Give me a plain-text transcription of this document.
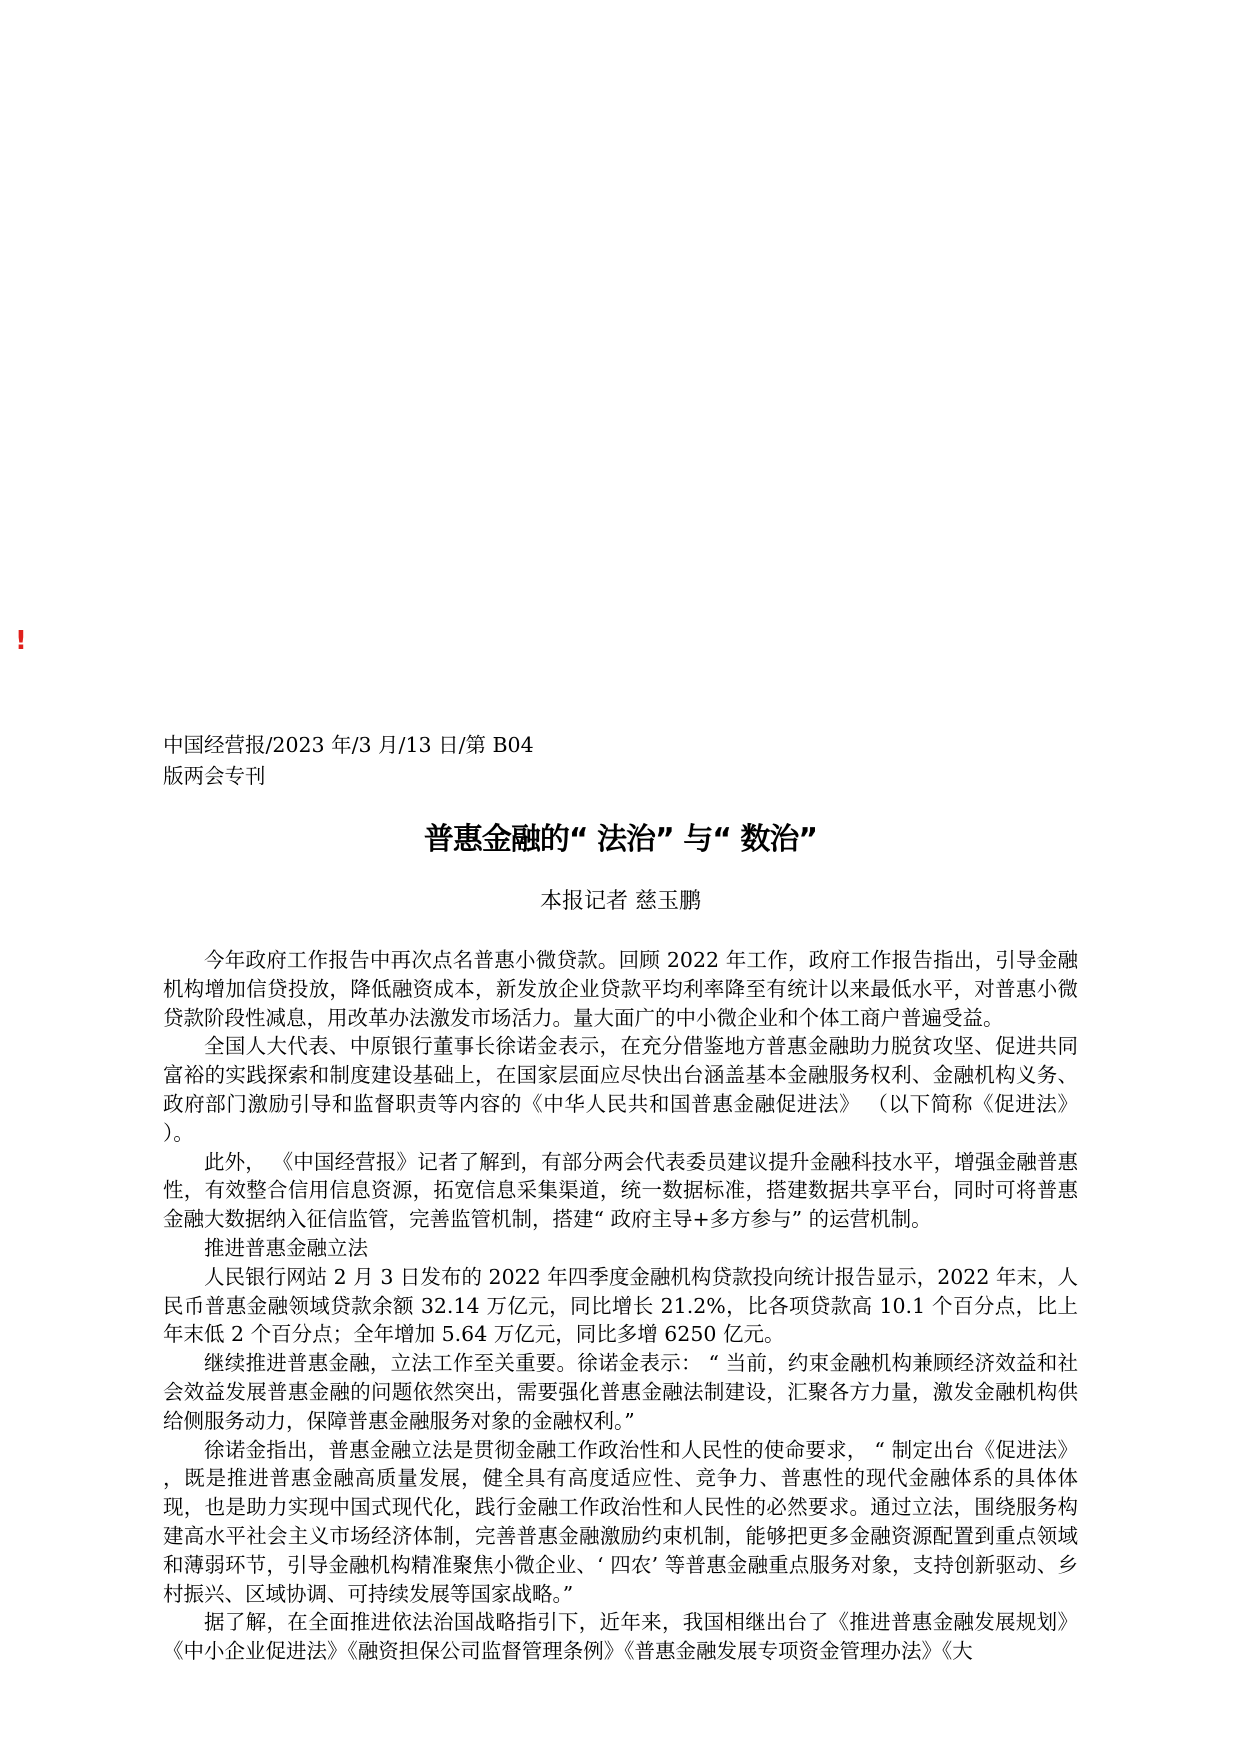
!
中国经营报/2023 年/3 月/13 日/第 B04
版两会专刊
普惠金融的“ 法治” 与“ 数治”
本报记者 慈玉鹏

今年政府工作报告中再次点名普惠小微贷款。回顾 2022 年工作，政府工作报告指出，引导金融机构增加信贷投放，降低融资成本，新发放企业贷款平均利率降至有统计以来最低水平，对普惠小微贷款阶段性减息，用改革办法激发市场活力。量大面广的中小微企业和个体工商户普遍受益。

全国人大代表、中原银行董事长徐诺金表示，在充分借鉴地方普惠金融助力脱贫攻坚、促进共同富裕的实践探索和制度建设基础上，在国家层面应尽快出台涵盖基本金融服务权利、金融机构义务、政府部门激励引导和监督职责等内容的《中华人民共和国普惠金融促进法》 （以下简称《促进法》 ）。

此外， 《中国经营报》记者了解到，有部分两会代表委员建议提升金融科技水平，增强金融普惠性，有效整合信用信息资源，拓宽信息采集渠道，统一数据标准，搭建数据共享平台，同时可将普惠金融大数据纳入征信监管，完善监管机制，搭建“ 政府主导+多方参与” 的运营机制。

推进普惠金融立法

人民银行网站 2 月 3 日发布的 2022 年四季度金融机构贷款投向统计报告显示，2022 年末，人民币普惠金融领域贷款余额 32.14 万亿元，同比增长 21.2%，比各项贷款高 10.1 个百分点，比上年末低 2 个百分点；全年增加 5.64 万亿元，同比多增 6250 亿元。

继续推进普惠金融，立法工作至关重要。徐诺金表示： “ 当前，约束金融机构兼顾经济效益和社会效益发展普惠金融的问题依然突出，需要强化普惠金融法制建设，汇聚各方力量，激发金融机构供给侧服务动力，保障普惠金融服务对象的金融权利。”

徐诺金指出，普惠金融立法是贯彻金融工作政治性和人民性的使命要求， “ 制定出台《促进法》 ，既是推进普惠金融高质量发展，健全具有高度适应性、竞争力、普惠性的现代金融体系的具体体现，也是助力实现中国式现代化，践行金融工作政治性和人民性的必然要求。通过立法，围绕服务构建高水平社会主义市场经济体制，完善普惠金融激励约束机制，能够把更多金融资源配置到重点领域和薄弱环节，引导金融机构精准聚焦小微企业、‘ 四农’ 等普惠金融重点服务对象，支持创新驱动、乡村振兴、区域协调、可持续发展等国家战略。”

据了解，在全面推进依法治国战略指引下，近年来，我国相继出台了《推进普惠金融发展规划》《中小企业促进法》《融资担保公司监督管理条例》《普惠金融发展专项资金管理办法》《大
